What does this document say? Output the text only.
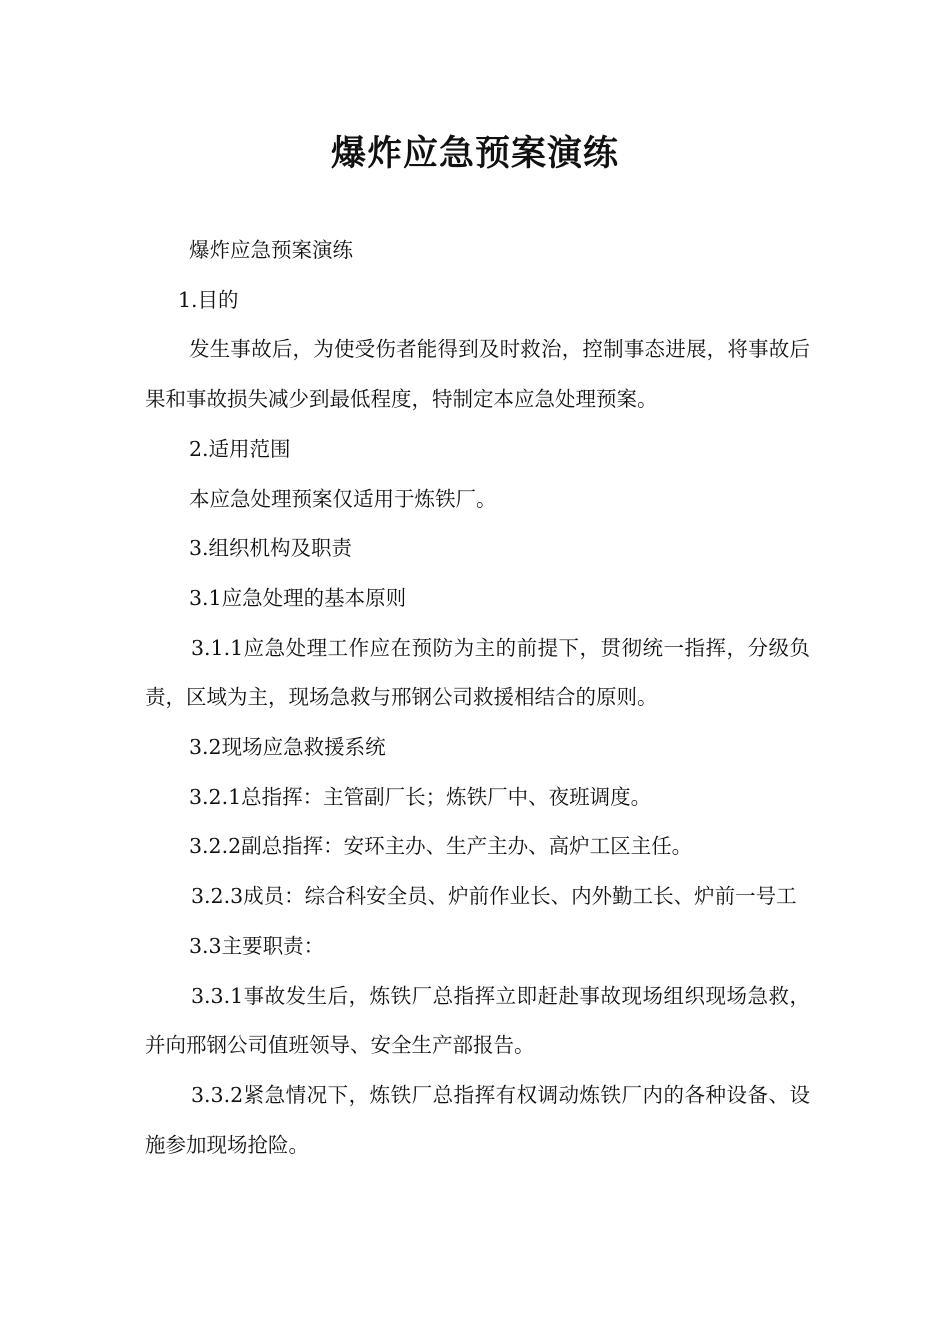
爆炸应急预案演练

爆炸应急预案演练

1.目的

发生事故后，为使受伤者能得到及时救治，控制事态进展，将事故后果和事故损失减少到最低程度，特制定本应急处理预案。

2.适用范围

本应急处理预案仅适用于炼铁厂。

3.组织机构及职责

3.1应急处理的基本原则

3.1.1应急处理工作应在预防为主的前提下，贯彻统一指挥，分级负责，区域为主，现场急救与邢钢公司救援相结合的原则。

3.2现场应急救援系统

3.2.1总指挥：主管副厂长；炼铁厂中、夜班调度。

3.2.2副总指挥：安环主办、生产主办、高炉工区主任。

3.2.3成员：综合科安全员、炉前作业长、内外勤工长、炉前一号工

3.3主要职责：

3.3.1事故发生后，炼铁厂总指挥立即赶赴事故现场组织现场急救，并向邢钢公司值班领导、安全生产部报告。

3.3.2紧急情况下，炼铁厂总指挥有权调动炼铁厂内的各种设备、设施参加现场抢险。
